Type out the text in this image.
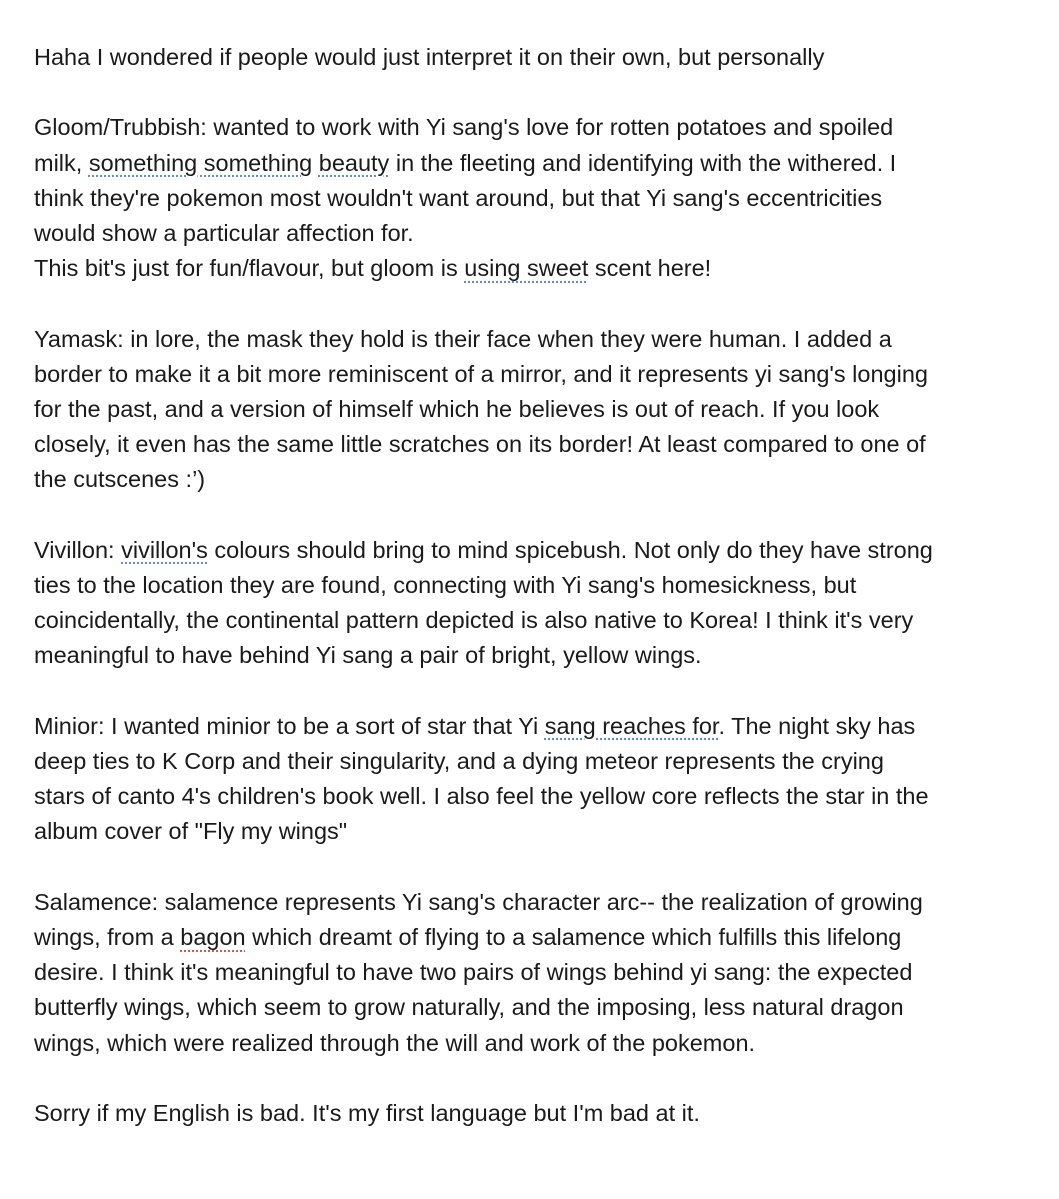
Haha I wondered if people would just interpret it on their own, but personally

Gloom/Trubbish: wanted to work with Yi sang's love for rotten potatoes and spoiled
milk, something something beauty in the fleeting and identifying with the withered. I
think they're pokemon most wouldn't want around, but that Yi sang's eccentricities
would show a particular affection for.
This bit's just for fun/flavour, but gloom is using sweet scent here!

Yamask: in lore, the mask they hold is their face when they were human. I added a
border to make it a bit more reminiscent of a mirror, and it represents yi sang's longing
for the past, and a version of himself which he believes is out of reach. If you look
closely, it even has the same little scratches on its border! At least compared to one of
the cutscenes :’)

Vivillon: vivillon's colours should bring to mind spicebush. Not only do they have strong
ties to the location they are found, connecting with Yi sang's homesickness, but
coincidentally, the continental pattern depicted is also native to Korea! I think it's very
meaningful to have behind Yi sang a pair of bright, yellow wings.

Minior: I wanted minior to be a sort of star that Yi sang reaches for. The night sky has
deep ties to K Corp and their singularity, and a dying meteor represents the crying
stars of canto 4's children's book well. I also feel the yellow core reflects the star in the
album cover of "Fly my wings"

Salamence: salamence represents Yi sang's character arc-- the realization of growing
wings, from a bagon which dreamt of flying to a salamence which fulfills this lifelong
desire. I think it's meaningful to have two pairs of wings behind yi sang: the expected
butterfly wings, which seem to grow naturally, and the imposing, less natural dragon
wings, which were realized through the will and work of the pokemon.

Sorry if my English is bad. It's my first language but I'm bad at it.
